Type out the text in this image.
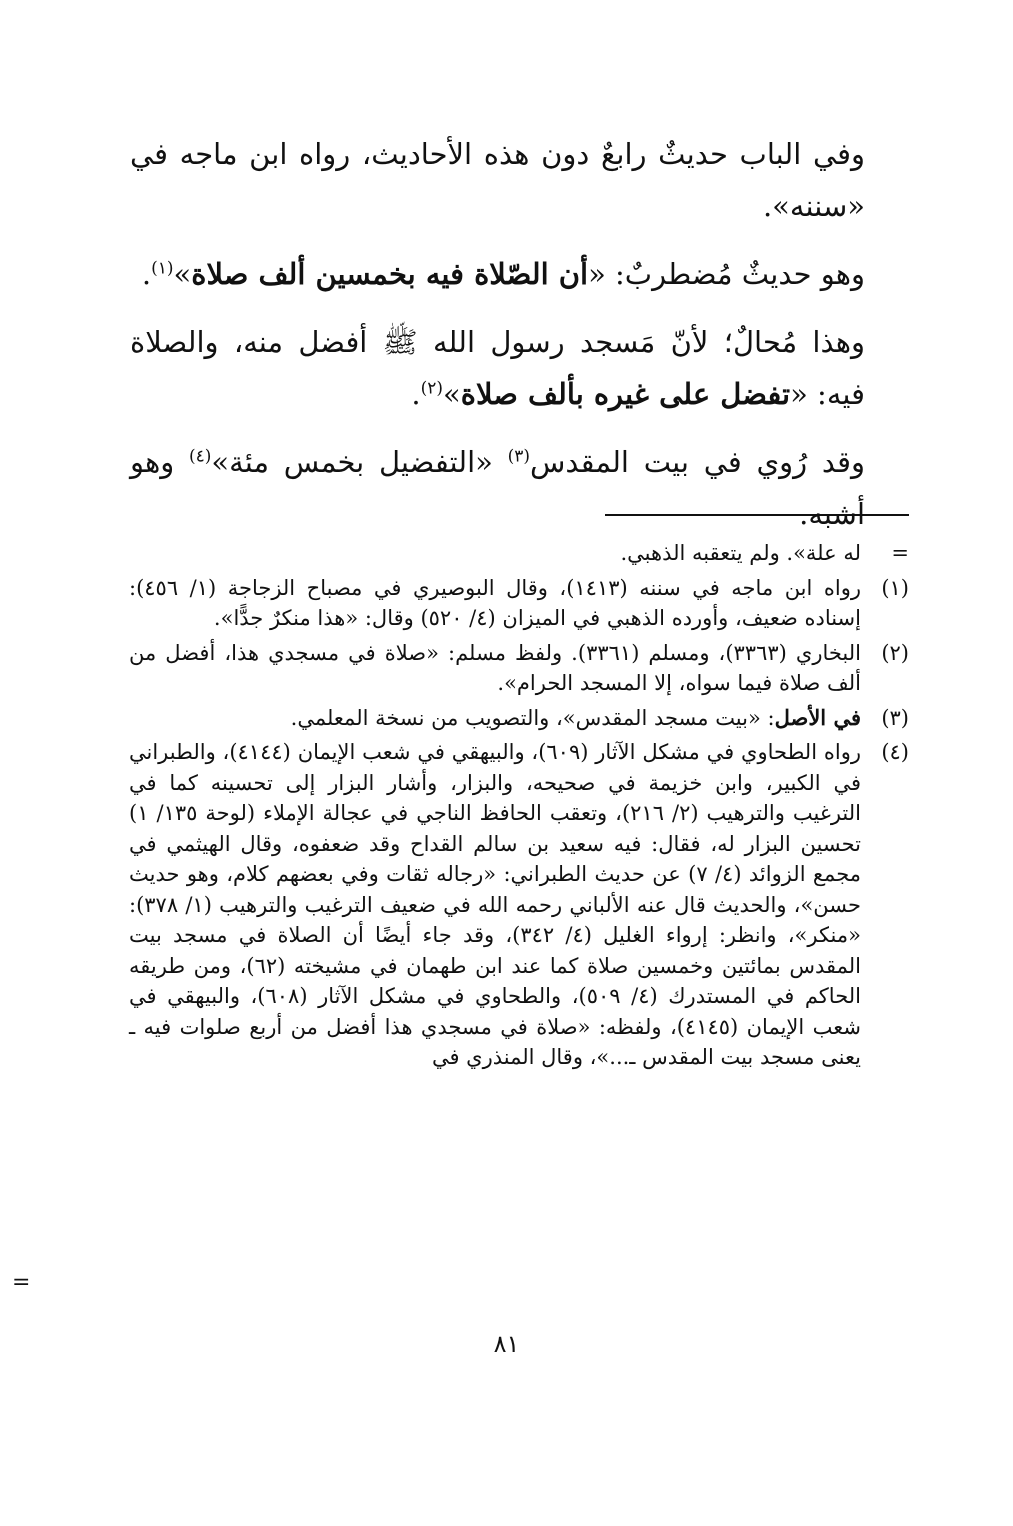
وفي الباب حديثٌ رابعٌ دون هذه الأحاديث، رواه ابن ماجه في «سننه».

وهو حديثٌ مُضطربٌ: «أن الصّلاة فيه بخمسين ألف صلاة»$^{(١)}$.

وهذا مُحالٌ؛ لأنّ مَسجد رسول الله ﷺ أفضل منه، والصلاة فيه: «تفضل على غيره بألف صلاة»$^{(٢)}$.

وقد رُوي في بيت المقدس$^{(٣)}$ «التفضيل بخمس مئة»$^{(٤)}$ وهو أشبه.

=
له علة». ولم يتعقبه الذهبي.
(١)
رواه ابن ماجه في سننه (١٤١٣)، وقال البوصيري في مصباح الزجاجة (١/ ٤٥٦): إسناده ضعيف، وأورده الذهبي في الميزان (٤/ ٥٢٠) وقال: «هذا منكرٌ جدًّا».
(٢)
البخاري (٣٣٦٣)، ومسلم (٣٣٦١). ولفظ مسلم: «صلاة في مسجدي هذا، أفضل من ألف صلاة فيما سواه، إلا المسجد الحرام».
(٣)
في الأصل: «بيت مسجد المقدس»، والتصويب من نسخة المعلمي.
(٤)
رواه الطحاوي في مشكل الآثار (٦٠٩)، والبيهقي في شعب الإيمان (٤١٤٤)، والطبراني في الكبير، وابن خزيمة في صحيحه، والبزار، وأشار البزار إلى تحسينه كما في الترغيب والترهيب (٢/ ٢١٦)، وتعقب الحافظ الناجي في عجالة الإملاء (لوحة ١٣٥/ ١) تحسين البزار له، فقال: فيه سعيد بن سالم القداح وقد ضعفوه، وقال الهيثمي في مجمع الزوائد (٤/ ٧) عن حديث الطبراني: «رجاله ثقات وفي بعضهم كلام، وهو حديث حسن»، والحديث قال عنه الألباني رحمه الله في ضعيف الترغيب والترهيب (١/ ٣٧٨): «منكر»، وانظر: إرواء الغليل (٤/ ٣٤٢)، وقد جاء أيضًا أن الصلاة في مسجد بيت المقدس بمائتين وخمسين صلاة كما عند ابن طهمان في مشيخته (٦٢)، ومن طريقه الحاكم في المستدرك (٤/ ٥٠٩)، والطحاوي في مشكل الآثار (٦٠٨)، والبيهقي في شعب الإيمان (٤١٤٥)، ولفظه: «صلاة في مسجدي هذا أفضل من أربع صلوات فيه ـ يعنى مسجد بيت المقدس ـ...»، وقال المنذري في
=
٨١
